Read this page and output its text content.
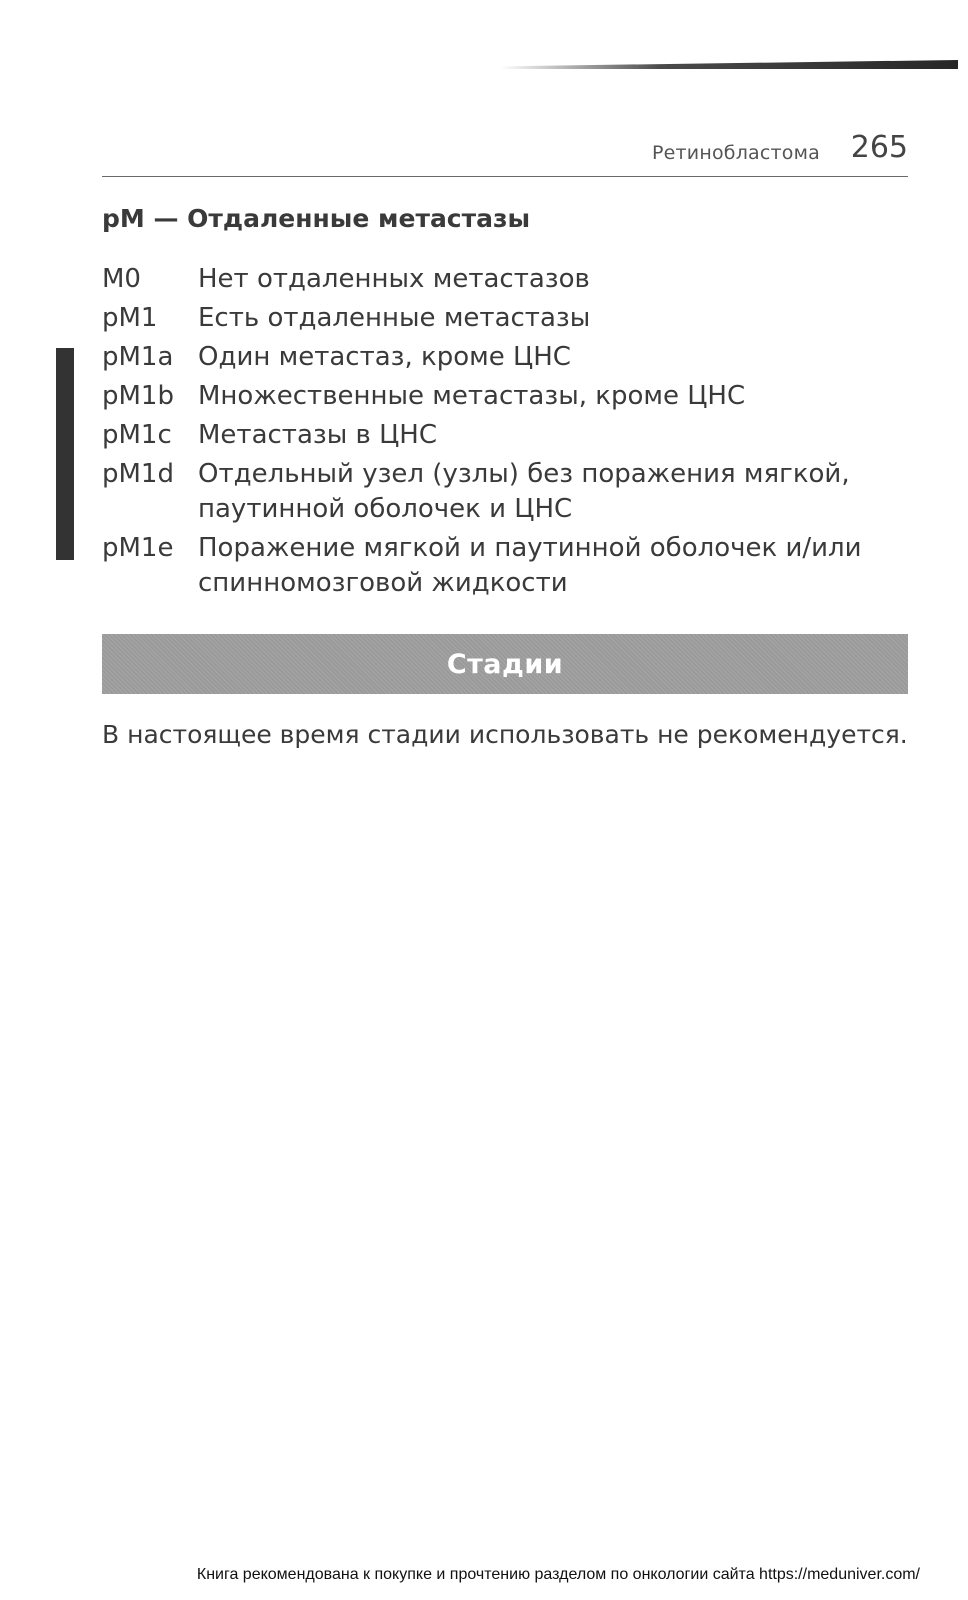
Ретинобластома 265
pM — Отдаленные метастазы
M0	Нет отдаленных метастазов
pM1	Есть отдаленные метастазы
pM1a Один метастаз, кроме ЦНС
pM1b Множественные метастазы, кроме ЦНС
pM1c	Метастазы в ЦНС
pM1d Отдельный узел (узлы) без поражения мягкой, паутинной оболочек и ЦНС
pM1e Поражение мягкой и паутинной оболочек и/или спинномозговой жидкости
Стадии
В настоящее время стадии использовать не рекомендуется.
Книга рекомендована к покупке и прочтению разделом по онкологии сайта https://meduniver.com/
